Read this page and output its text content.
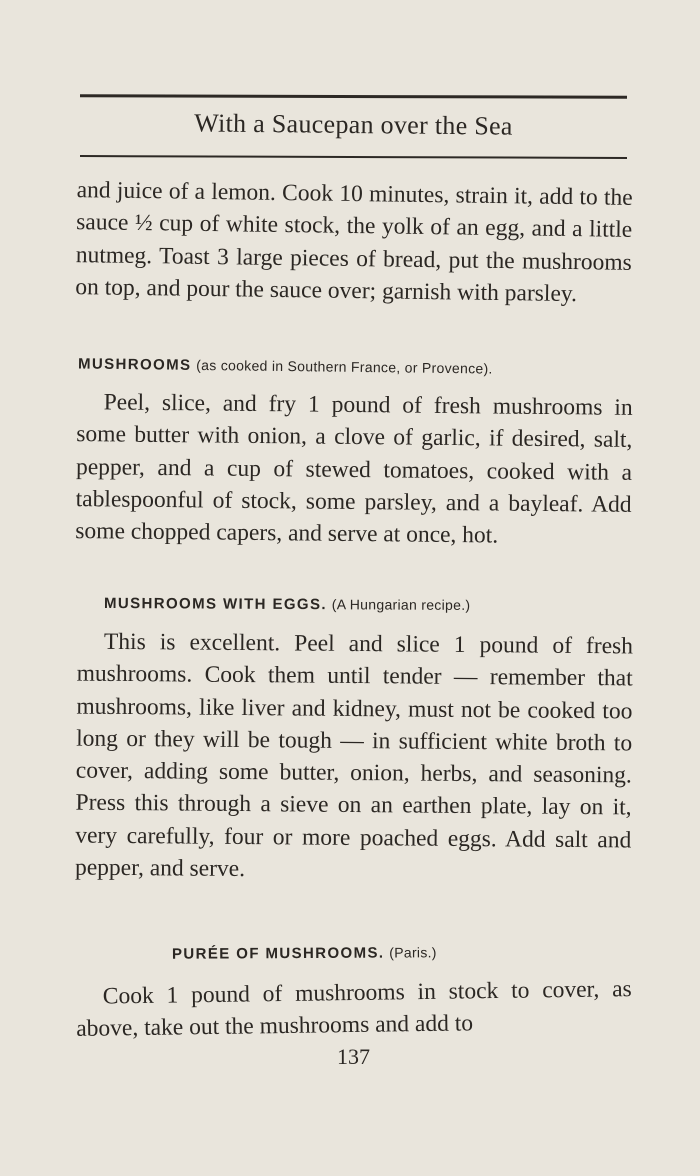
With a Saucepan over the Sea

and juice of a lemon. Cook 10 minutes, strain it, add to the sauce ½ cup of white stock, the yolk of an egg, and a little nutmeg. Toast 3 large pieces of bread, put the mushrooms on top, and pour the sauce over; garnish with parsley.

MUSHROOMS (as cooked in Southern France, or Provence).

Peel, slice, and fry 1 pound of fresh mushrooms in some butter with onion, a clove of garlic, if desired, salt, pepper, and a cup of stewed tomatoes, cooked with a tablespoonful of stock, some parsley, and a bayleaf. Add some chopped capers, and serve at once, hot.

MUSHROOMS WITH EGGS. (A Hungarian recipe.)

This is excellent. Peel and slice 1 pound of fresh mushrooms. Cook them until tender — remember that mushrooms, like liver and kidney, must not be cooked too long or they will be tough — in sufficient white broth to cover, adding some butter, onion, herbs, and seasoning. Press this through a sieve on an earthen plate, lay on it, very carefully, four or more poached eggs. Add salt and pepper, and serve.

PURÉE OF MUSHROOMS. (Paris.)

Cook 1 pound of mushrooms in stock to cover, as above, take out the mushrooms and add to

137
